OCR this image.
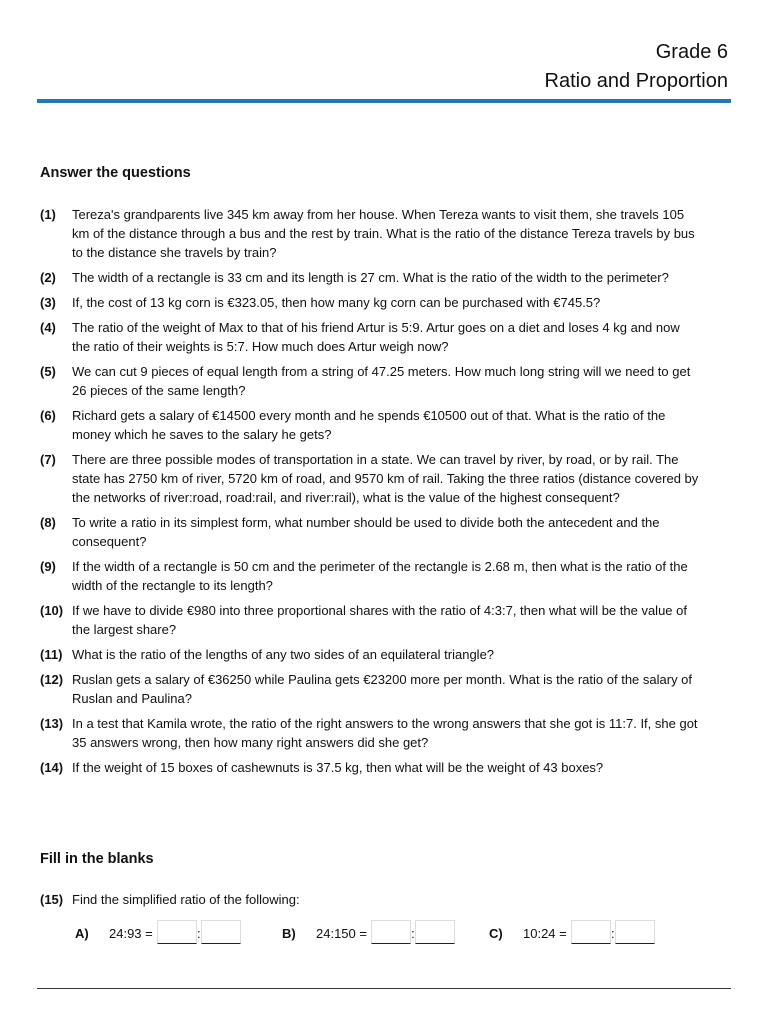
Grade 6
Ratio and Proportion
Answer the questions
(1)	Tereza's grandparents live 345 km away from her house. When Tereza wants to visit them, she travels 105 km of the distance through a bus and the rest by train. What is the ratio of the distance Tereza travels by bus to the distance she travels by train?
(2)	The width of a rectangle is 33 cm and its length is 27 cm. What is the ratio of the width to the perimeter?
(3)	If, the cost of 13 kg corn is €323.05, then how many kg corn can be purchased with €745.5?
(4)	The ratio of the weight of Max to that of his friend Artur is 5:9. Artur goes on a diet and loses 4 kg and now the ratio of their weights is 5:7. How much does Artur weigh now?
(5)	We can cut 9 pieces of equal length from a string of 47.25 meters. How much long string will we need to get 26 pieces of the same length?
(6)	Richard gets a salary of €14500 every month and he spends €10500 out of that. What is the ratio of the money which he saves to the salary he gets?
(7)	There are three possible modes of transportation in a state. We can travel by river, by road, or by rail. The state has 2750 km of river, 5720 km of road, and 9570 km of rail. Taking the three ratios (distance covered by the networks of river:road, road:rail, and river:rail), what is the value of the highest consequent?
(8)	To write a ratio in its simplest form, what number should be used to divide both the antecedent and the consequent?
(9)	If the width of a rectangle is 50 cm and the perimeter of the rectangle is 2.68 m, then what is the ratio of the width of the rectangle to its length?
(10) If we have to divide €980 into three proportional shares with the ratio of 4:3:7, then what will be the value of the largest share?
(11) What is the ratio of the lengths of any two sides of an equilateral triangle?
(12) Ruslan gets a salary of €36250 while Paulina gets €23200 more per month. What is the ratio of the salary of Ruslan and Paulina?
(13) In a test that Kamila wrote, the ratio of the right answers to the wrong answers that she got is 11:7. If, she got 35 answers wrong, then how many right answers did she get?
(14) If the weight of 15 boxes of cashewnuts is 37.5 kg, then what will be the weight of 43 boxes?
Fill in the blanks
(15) Find the simplified ratio of the following:
A)	24:93 =	:	B)	24:150 =	:	C)	10:24 =	:
